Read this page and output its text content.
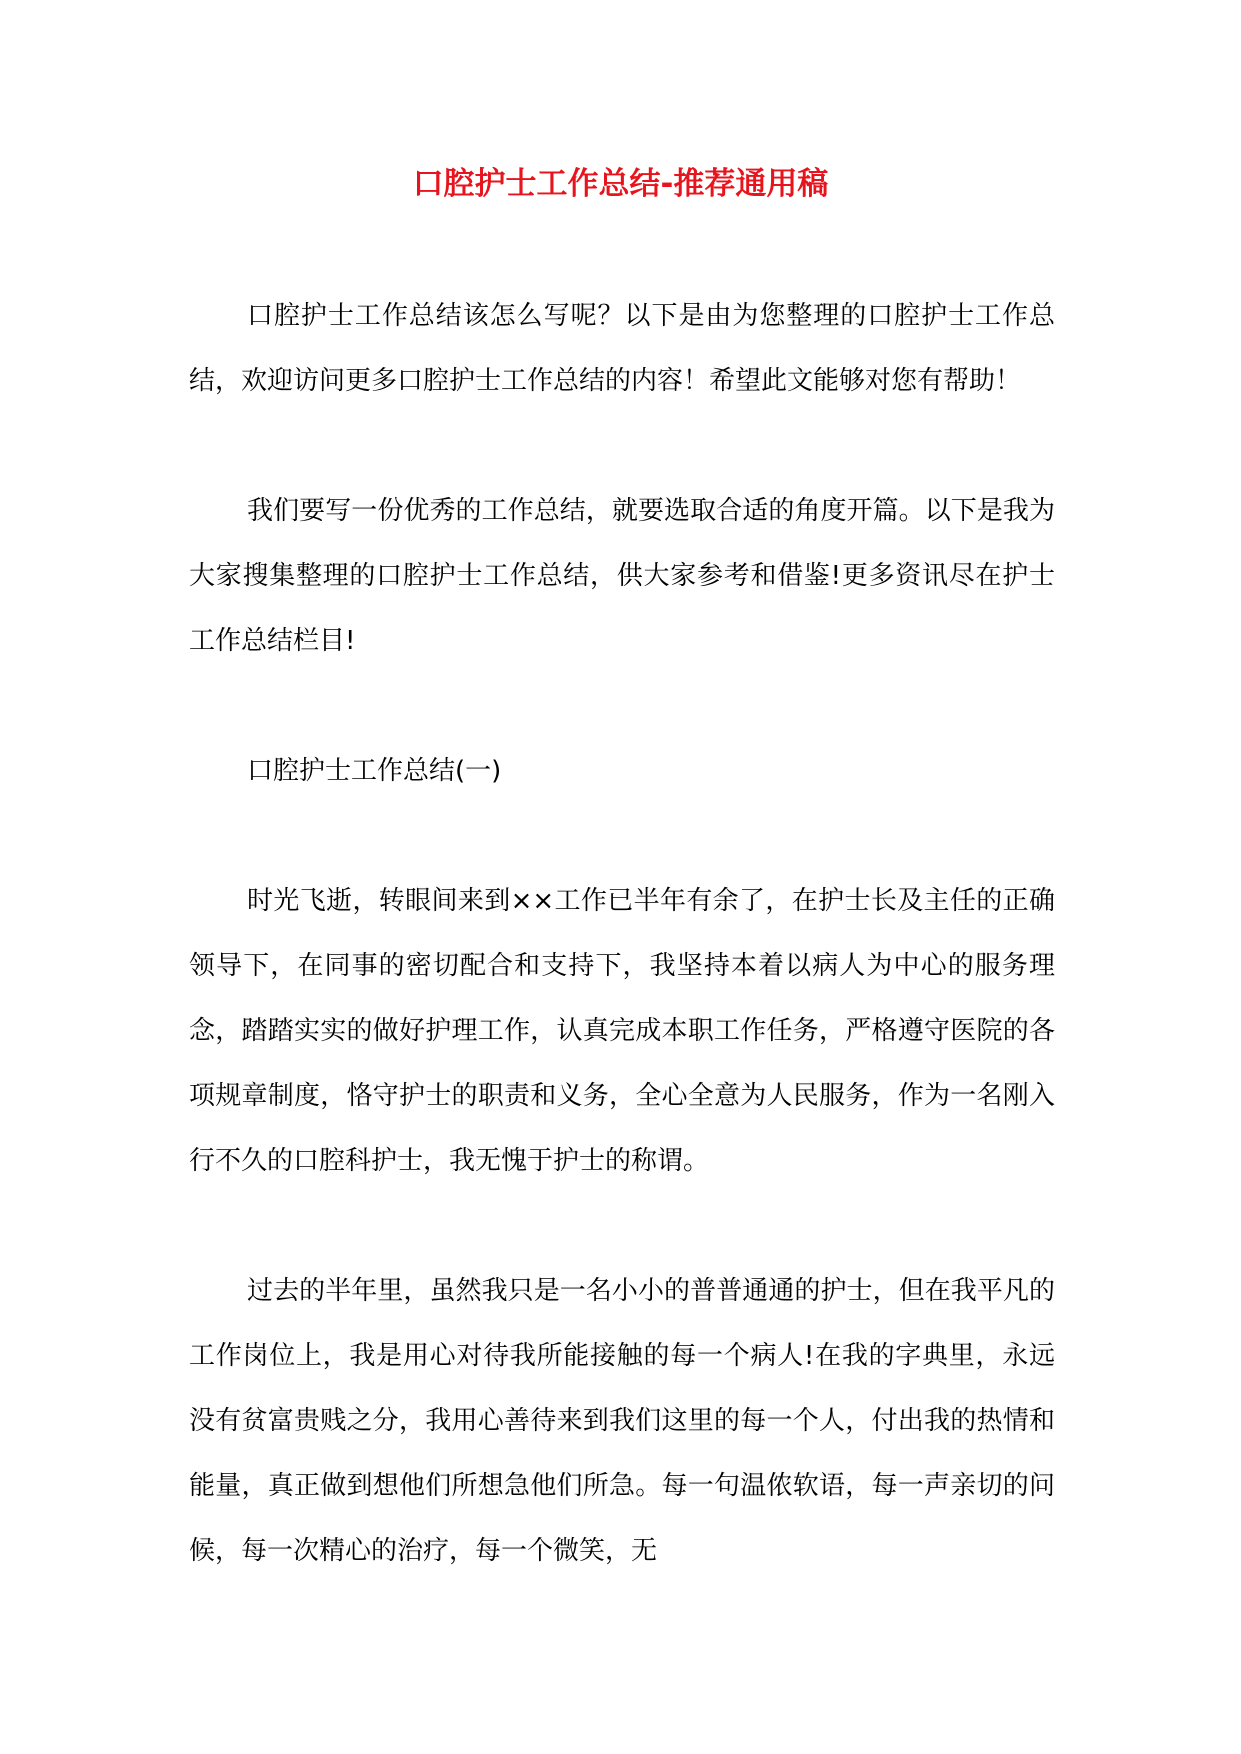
口腔护士工作总结-推荐通用稿

口腔护士工作总结该怎么写呢？以下是由为您整理的口腔护士工作总结，欢迎访问更多口腔护士工作总结的内容！希望此文能够对您有帮助！

我们要写一份优秀的工作总结，就要选取合适的角度开篇。以下是我为大家搜集整理的口腔护士工作总结，供大家参考和借鉴!更多资讯尽在护士工作总结栏目!

口腔护士工作总结(一)

时光飞逝，转眼间来到××工作已半年有余了，在护士长及主任的正确领导下，在同事的密切配合和支持下，我坚持本着以病人为中心的服务理念，踏踏实实的做好护理工作，认真完成本职工作任务，严格遵守医院的各项规章制度，恪守护士的职责和义务，全心全意为人民服务，作为一名刚入行不久的口腔科护士，我无愧于护士的称谓。

过去的半年里，虽然我只是一名小小的普普通通的护士，但在我平凡的工作岗位上，我是用心对待我所能接触的每一个病人!在我的字典里，永远没有贫富贵贱之分，我用心善待来到我们这里的每一个人，付出我的热情和能量，真正做到想他们所想急他们所急。每一句温侬软语，每一声亲切的问候，每一次精心的治疗，每一个微笑，无
